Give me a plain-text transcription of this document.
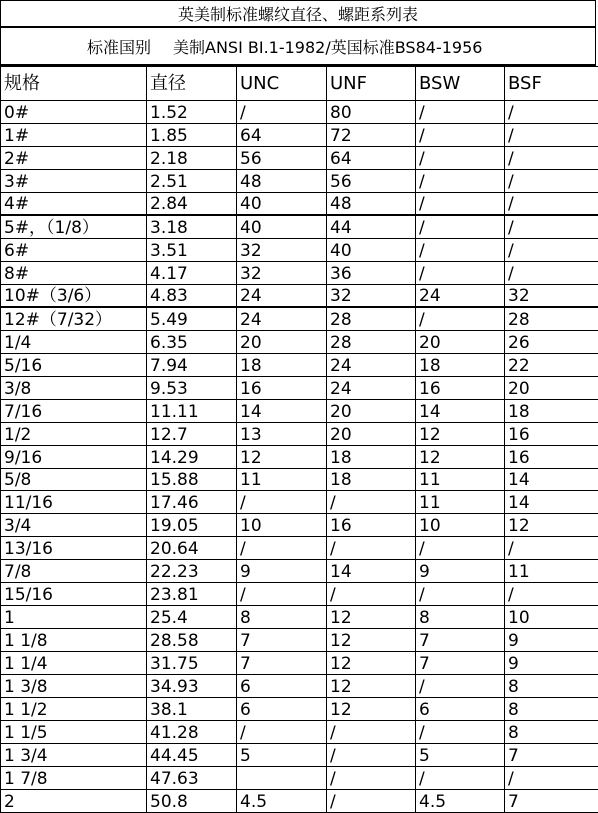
英美制标准螺纹直径、螺距系列表
标准国别 美制ANSI BI.1-1982/英国标准BS84-1956
规格	直径	UNC	UNF	BSW	BSF
0#	1.52	/	80	/	/
1#	1.85	64	72	/	/
2#	2.18	56	64	/	/
3#	2.51	48	56	/	/
4#	2.84	40	48	/	/
5#，（1/8）	3.18	40	44	/	/
6#	3.51	32	40	/	/
8#	4.17	32	36	/	/
10#（3/6）	4.83	24	32	24	32
12#（7/32）	5.49	24	28	/	28
1/4	6.35	20	28	20	26
5/16	7.94	18	24	18	22
3/8	9.53	16	24	16	20
7/16	11.11	14	20	14	18
1/2	12.7	13	20	12	16
9/16	14.29	12	18	12	16
5/8	15.88	11	18	11	14
11/16	17.46	/	/	11	14
3/4	19.05	10	16	10	12
13/16	20.64	/	/	/	/
7/8	22.23	9	14	9	11
15/16	23.81	/	/	/	/
1	25.4	8	12	8	10
1 1/8	28.58	7	12	7	9
1 1/4	31.75	7	12	7	9
1 3/8	34.93	6	12	/	8
1 1/2	38.1	6	12	6	8
1 1/5	41.28	/	/	/	8
1 3/4	44.45	5	/	5	7
1 7/8	47.63		/	/	/
2	50.8	4.5	/	4.5	7
